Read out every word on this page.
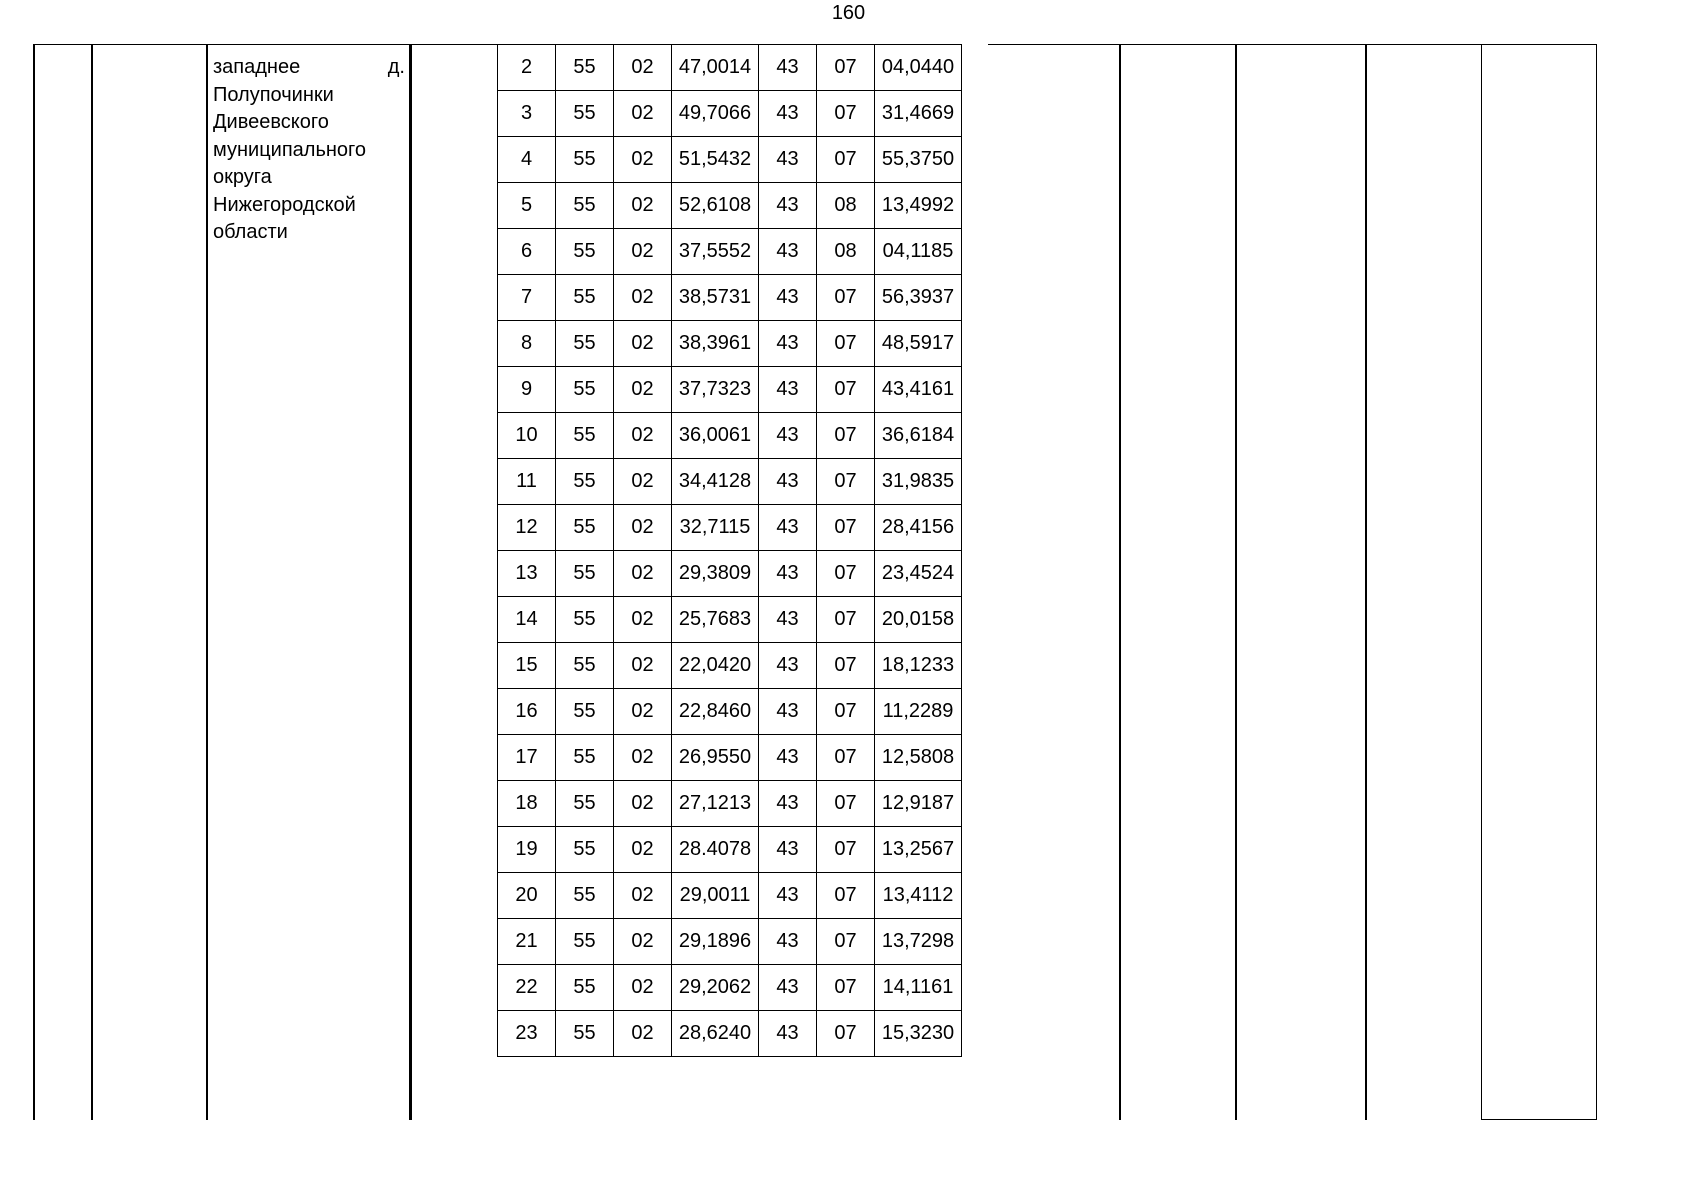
160
западнее	д.
Полупочинки Дивеевского муниципального округа Нижегородской области
2	55	02	47,0014	43	07	04,0440
3	55	02	49,7066	43	07	31,4669
4	55	02	51,5432	43	07	55,3750
5	55	02	52,6108	43	08	13,4992
6	55	02	37,5552	43	08	04,1185
7	55	02	38,5731	43	07	56,3937
8	55	02	38,3961	43	07	48,5917
9	55	02	37,7323	43	07	43,4161
10	55	02	36,0061	43	07	36,6184
11	55	02	34,4128	43	07	31,9835
12	55	02	32,7115	43	07	28,4156
13	55	02	29,3809	43	07	23,4524
14	55	02	25,7683	43	07	20,0158
15	55	02	22,0420	43	07	18,1233
16	55	02	22,8460	43	07	11,2289
17	55	02	26,9550	43	07	12,5808
18	55	02	27,1213	43	07	12,9187
19	55	02	28.4078	43	07	13,2567
20	55	02	29,0011	43	07	13,4112
21	55	02	29,1896	43	07	13,7298
22	55	02	29,2062	43	07	14,1161
23	55	02	28,6240	43	07	15,3230
